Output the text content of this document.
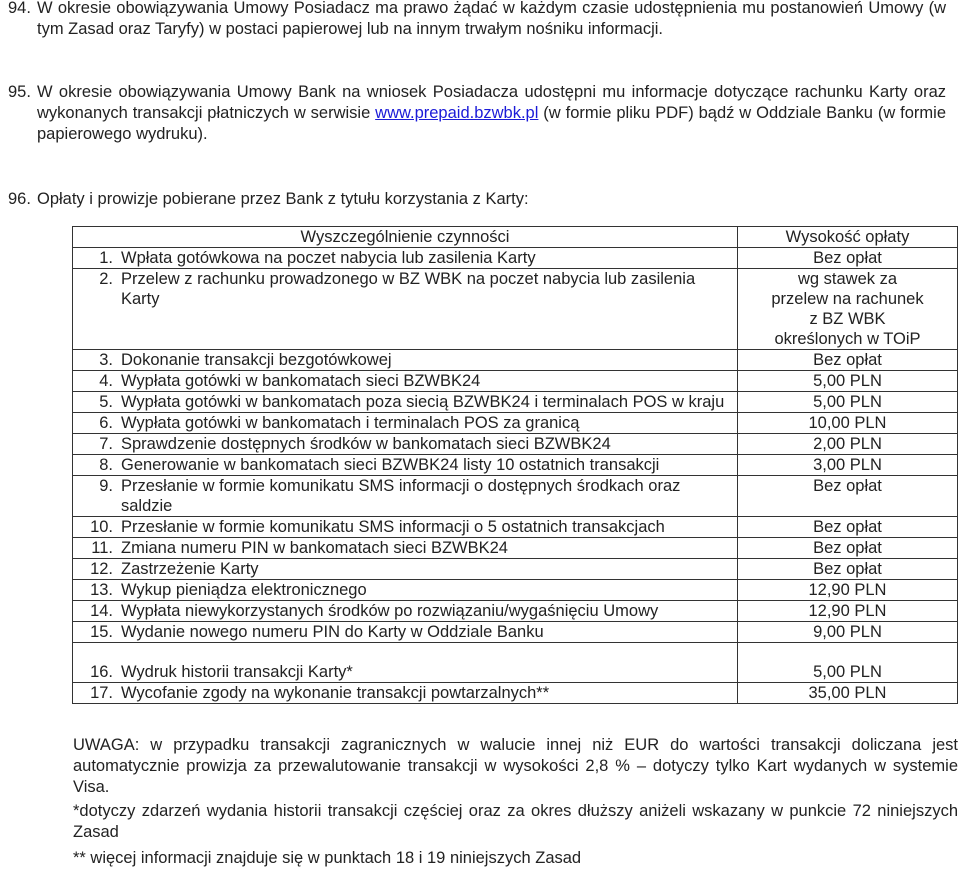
94. W okresie obowiązywania Umowy Posiadacz ma prawo żądać w każdym czasie udostępnienia mu postanowień Umowy (w tym Zasad oraz Taryfy) w postaci papierowej lub na innym trwałym nośniku informacji.
95. W okresie obowiązywania Umowy Bank na wniosek Posiadacza udostępni mu informacje dotyczące rachunku Karty oraz wykonanych transakcji płatniczych w serwisie www.prepaid.bzwbk.pl (w formie pliku PDF) bądź w Oddziale Banku (w formie papierowego wydruku).
96. Opłaty i prowizje pobierane przez Bank z tytułu korzystania z Karty:
Wyszczególnienie czynności		Wysokość opłaty
1.	Wpłata gotówkowa na poczet nabycia lub zasilenia Karty	Bez opłat
2.	Przelew z rachunku prowadzonego w BZ WBK na poczet nabycia lub zasilenia Karty	wg stawek za przelew na rachunek z BZ WBK określonych w TOiP
3.	Dokonanie transakcji bezgotówkowej	Bez opłat
4.	Wypłata gotówki w bankomatach sieci BZWBK24	5,00 PLN
5.	Wypłata gotówki w bankomatach poza siecią BZWBK24 i terminalach POS w kraju	5,00 PLN
6.	Wypłata gotówki w bankomatach i terminalach POS za granicą	10,00 PLN
7.	Sprawdzenie dostępnych środków w bankomatach sieci BZWBK24	2,00 PLN
8.	Generowanie w bankomatach sieci BZWBK24 listy 10 ostatnich transakcji	3,00 PLN
9.	Przesłanie w formie komunikatu SMS informacji o dostępnych środkach oraz saldzie	Bez opłat
10.	Przesłanie w formie komunikatu SMS informacji o 5 ostatnich transakcjach	Bez opłat
11.	Zmiana numeru PIN w bankomatach sieci BZWBK24	Bez opłat
12.	Zastrzeżenie Karty	Bez opłat
13.	Wykup pieniądza elektronicznego	12,90 PLN
14.	Wypłata niewykorzystanych środków po rozwiązaniu/wygaśnięciu Umowy	12,90 PLN
15.	Wydanie nowego numeru PIN do Karty w Oddziale Banku	9,00 PLN
16.	Wydruk historii transakcji Karty*	5,00 PLN
17.	Wycofanie zgody na wykonanie transakcji powtarzalnych**	35,00 PLN
UWAGA: w przypadku transakcji zagranicznych w walucie innej niż EUR do wartości transakcji doliczana jest automatycznie prowizja za przewalutowanie transakcji w wysokości 2,8 % – dotyczy tylko Kart wydanych w systemie Visa.
*dotyczy zdarzeń wydania historii transakcji częściej oraz za okres dłuższy aniżeli wskazany w punkcie 72 niniejszych Zasad
** więcej informacji znajduje się w punktach 18 i 19 niniejszych Zasad
